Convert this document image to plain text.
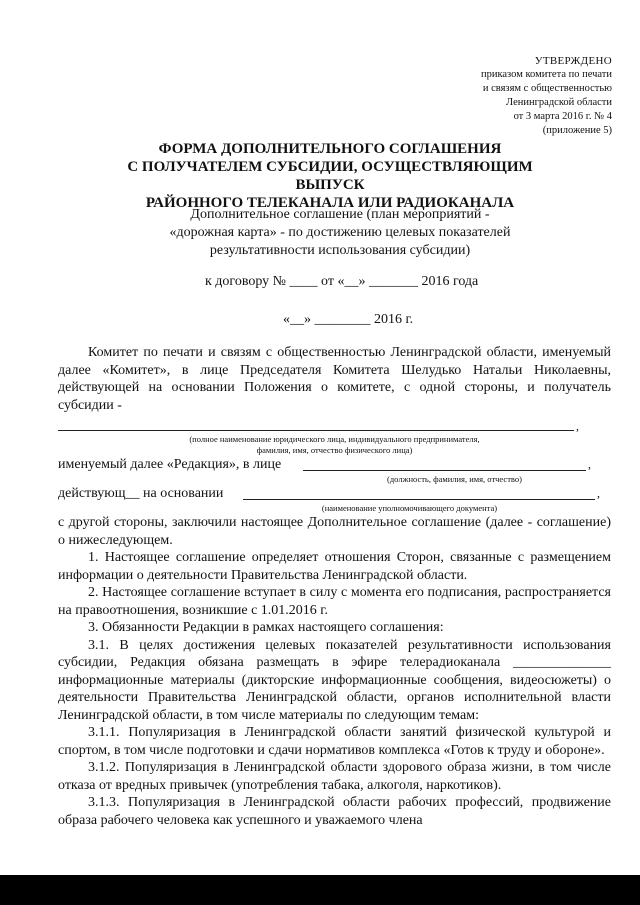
УТВЕРЖДЕНО
приказом комитета по печати
и связям с общественностью
Ленинградской области
от 3 марта 2016 г. № 4
(приложение 5)
ФОРМА ДОПОЛНИТЕЛЬНОГО СОГЛАШЕНИЯ
С ПОЛУЧАТЕЛЕМ СУБСИДИИ, ОСУЩЕСТВЛЯЮЩИМ ВЫПУСК
РАЙОННОГО ТЕЛЕКАНАЛА ИЛИ РАДИОКАНАЛА
Дополнительное соглашение (план мероприятий -
«дорожная карта» - по достижению целевых показателей
результативности использования субсидии)
к договору № ____ от «__» _______ 2016 года
«__» ________ 2016 г.

Комитет по печати и связям с общественностью Ленинградской области, именуемый далее «Комитет», в лице Председателя Комитета Шелудько Натальи Николаевны, действующей на основании Положения о комитете, с одной стороны, и получатель субсидии -

,
(полное наименование юридического лица, индивидуального предпринимателя,
фамилия, имя, отчество физического лица)
именуемый далее «Редакция», в лице	,
(должность, фамилия, имя, отчество)
действующ__ на основании	,
(наименование уполномочивающего документа)

с другой стороны, заключили настоящее Дополнительное соглашение (далее - соглашение) о нижеследующем.

1. Настоящее соглашение определяет отношения Сторон, связанные с размещением информации о деятельности Правительства Ленинградской области.

2. Настоящее соглашение вступает в силу с момента его подписания, распространяется на правоотношения, возникшие с 1.01.2016 г.

3. Обязанности Редакции в рамках настоящего соглашения:

3.1. В целях достижения целевых показателей результативности использования субсидии, Редакция обязана размещать в эфире телерадиоканала ______________ информационные материалы (дикторские информационные сообщения, видеосюжеты) о деятельности Правительства Ленинградской области, органов исполнительной власти Ленинградской области, в том числе материалы по следующим темам:

3.1.1. Популяризация в Ленинградской области занятий физической культурой и спортом, в том числе подготовки и сдачи нормативов комплекса «Готов к труду и обороне».

3.1.2. Популяризация в Ленинградской области здорового образа жизни, в том числе отказа от вредных привычек (употребления табака, алкоголя, наркотиков).

3.1.3. Популяризация в Ленинградской области рабочих профессий, продвижение образа рабочего человека как успешного и уважаемого члена
